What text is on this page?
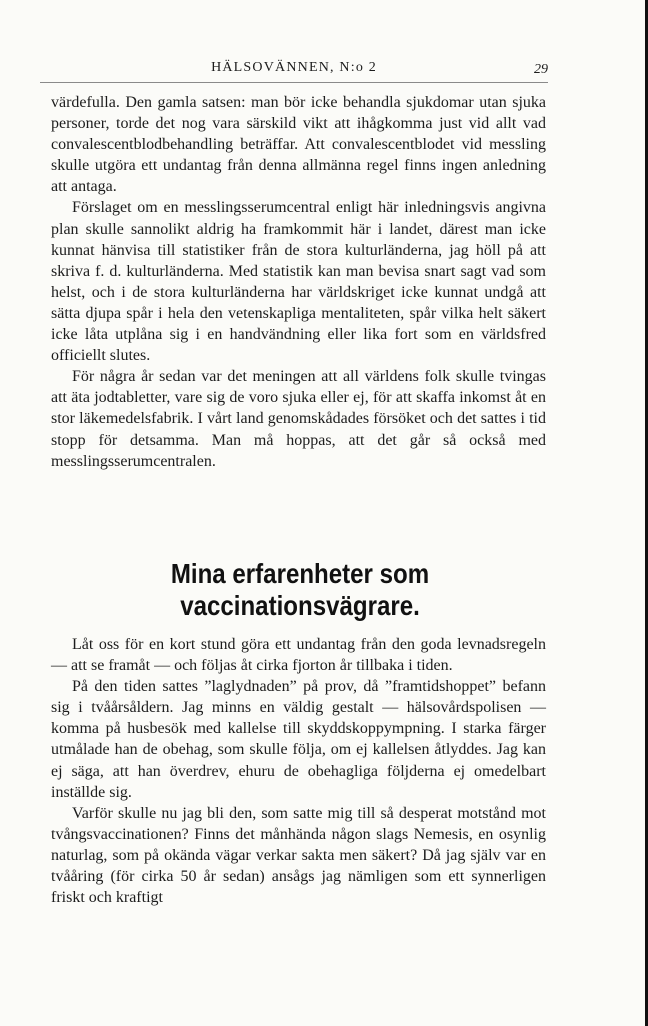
HÄLSOVÄNNEN, N:o 2	29

värdefulla. Den gamla satsen: man bör icke behandla sjukdomar utan sjuka personer, torde det nog vara särskild vikt att ihågkomma just vid allt vad convalescentblodbehandling beträffar. Att convalescentblodet vid messling skulle utgöra ett undantag från denna allmänna regel finns ingen anledning att antaga.

Förslaget om en messlingsserumcentral enligt här inledningsvis angivna plan skulle sannolikt aldrig ha framkommit här i landet, därest man icke kunnat hänvisa till statistiker från de stora kulturländerna, jag höll på att skriva f. d. kulturländerna. Med statistik kan man bevisa snart sagt vad som helst, och i de stora kulturländerna har världskriget icke kunnat undgå att sätta djupa spår i hela den vetenskapliga mentaliteten, spår vilka helt säkert icke låta utplåna sig i en handvändning eller lika fort som en världsfred officiellt slutes.

För några år sedan var det meningen att all världens folk skulle tvingas att äta jodtabletter, vare sig de voro sjuka eller ej, för att skaffa inkomst åt en stor läkemedelsfabrik. I vårt land genomskådades försöket och det sattes i tid stopp för detsamma. Man må hoppas, att det går så också med messlingsserumcentralen.

Mina erfarenheter som vaccinationsvägrare.

Låt oss för en kort stund göra ett undantag från den goda levnadsregeln — att se framåt — och följas åt cirka fjorton år tillbaka i tiden.

På den tiden sattes ”laglydnaden” på prov, då ”framtidshoppet” befann sig i tvåårsåldern. Jag minns en väldig gestalt — hälsovårdspolisen — komma på husbesök med kallelse till skyddskoppympning. I starka färger utmålade han de obehag, som skulle följa, om ej kallelsen åtlyddes. Jag kan ej säga, att han överdrev, ehuru de obehagliga följderna ej omedelbart inställde sig.

Varför skulle nu jag bli den, som satte mig till så desperat motstånd mot tvångsvaccinationen? Finns det månhända någon slags Nemesis, en osynlig naturlag, som på okända vägar verkar sakta men säkert? Då jag själv var en tvååring (för cirka 50 år sedan) ansågs jag nämligen som ett synnerligen friskt och kraftigt
